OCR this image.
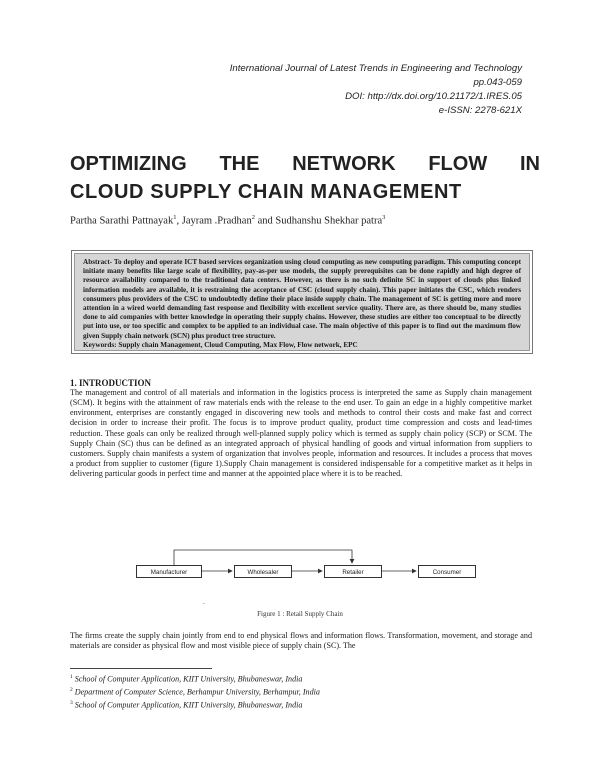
International Journal of Latest Trends in Engineering and Technology
pp.043-059
DOI: http://dx.doi.org/10.21172/1.IRES.05
e-ISSN: 2278-621X
OPTIMIZING THE NETWORK FLOW IN
CLOUD SUPPLY CHAIN MANAGEMENT
Partha Sarathi Pattnayak$^1$, Jayram .Pradhan$^2$ and Sudhanshu Shekhar patra$^3$

Abstract- To deploy and operate ICT based services organization using cloud computing as new computing paradigm. This computing concept initiate many benefits like large scale of flexibility, pay-as-per use models, the supply prerequisites can be done rapidly and high degree of resource availability compared to the traditional data centers. However, as there is no such definite SC in support of clouds plus linked information models are available, it is restraining the acceptance of CSC (cloud supply chain). This paper initiates the CSC, which renders consumers plus providers of the CSC to undoubtedly define their place inside supply chain. The management of SC is getting more and more attention in a wired world demanding fast response and flexibility with excellent service quality. There are, as there should be, many studies done to aid companies with better knowledge in operating their supply chains. However, these studies are either too conceptual to be directly put into use, or too specific and complex to be applied to an individual case. The main objective of this paper is to find out the maximum flow given Supply chain network (SCN) plus product tree structure.

Keywords: Supply chain Management, Cloud Computing, Max Flow, Flow network, EPC

1. INTRODUCTION

The management and control of all materials and information in the logistics process is interpreted the same as Supply chain management (SCM). It begins with the attainment of raw materials ends with the release to the end user. To gain an edge in a highly competitive market environment, enterprises are constantly engaged in discovering new tools and methods to control their costs and make fast and correct decision in order to increase their profit. The focus is to improve product quality, product time compression and costs and lead-times reduction. These goals can only be realized through well-planned supply policy which is termed as supply chain policy (SCP) or SCM. The Supply Chain (SC) thus can be defined as an integrated approach of physical handling of goods and virtual information from suppliers to customers. Supply chain manifests a system of organization that involves people, information and resources. It includes a process that moves a product from supplier to customer (figure 1).Supply Chain management is considered indispensable for a competitive market as it helps in delivering particular goods in perfect time and manner at the appointed place where it is to be reached.

Manufacturer	Wholesaler	Retailer	Consumer
.
Figure 1 : Retail Supply Chain

The firms create the supply chain jointly from end to end physical flows and information flows. Transformation, movement, and storage and materials are consider as physical flow and most visible piece of supply chain (SC). The

$^1$ School of Computer Application, KIIT University, Bhubaneswar, India
$^2$ Department of Computer Science, Berhampur University, Berhampur, India
$^3$ School of Computer Application, KIIT University, Bhubaneswar, India
